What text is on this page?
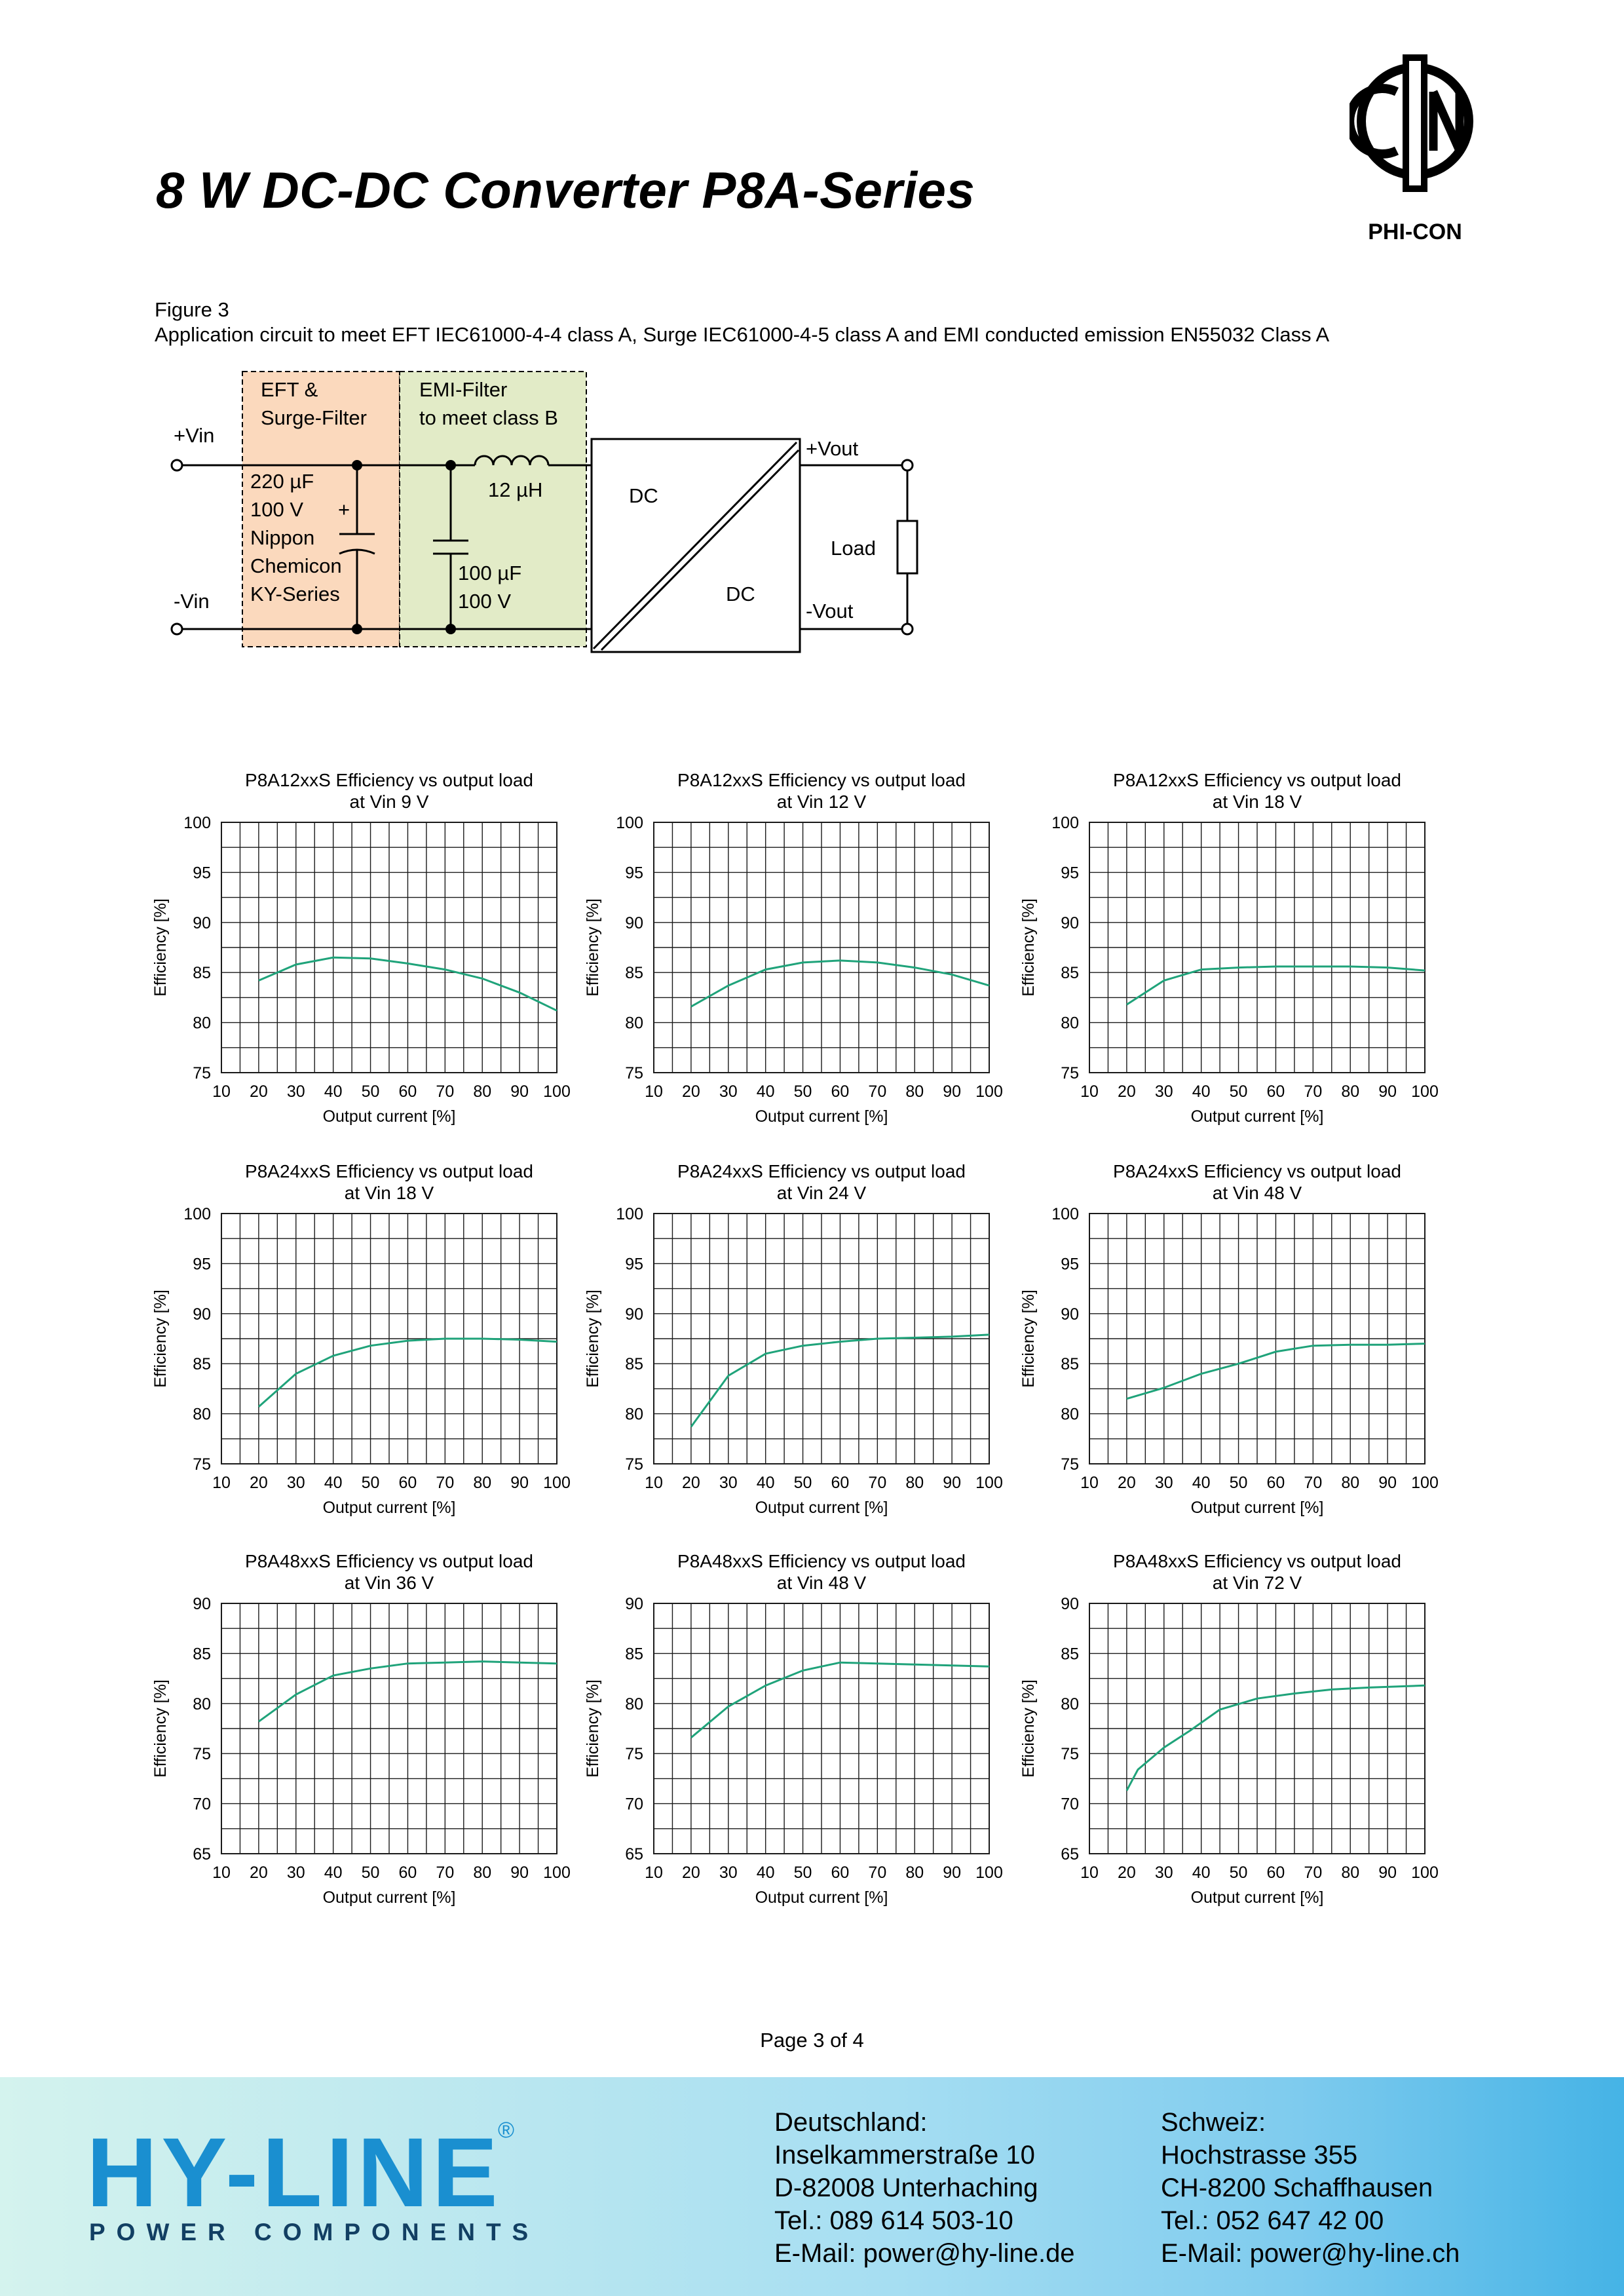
8 W DC-DC Converter P8A-Series
PHI-CON
Figure 3
Application circuit to meet EFT IEC61000-4-4 class A, Surge IEC61000-4-5 class A and EMI conducted emission EN55032 Class A
EFT &
Surge-Filter
EMI-Filter
to meet class B
+Vin
-Vin
220 µF
100 V
Nippon
Chemicon
KY-Series
+
12 µH
100 µF
100 V
DC
DC
+Vout
-Vout
Load
P8A12xxS Efficiency vs output load
at Vin 9 V
10 20 30 40 50 60 70 80 90 100
75
80
85
90
95
100
Output current [%]
Efficiency [%]
P8A12xxS Efficiency vs output load
at Vin 12 V
10 20 30 40 50 60 70 80 90 100
75
80
85
90
95
100
Output current [%]
Efficiency [%]
P8A12xxS Efficiency vs output load
at Vin 18 V
10 20 30 40 50 60 70 80 90 100
75
80
85
90
95
100
Output current [%]
Efficiency [%]
P8A24xxS Efficiency vs output load
at Vin 18 V
10 20 30 40 50 60 70 80 90 100
75
80
85
90
95
100
Output current [%]
Efficiency [%]
P8A24xxS Efficiency vs output load
at Vin 24 V
10 20 30 40 50 60 70 80 90 100
75
80
85
90
95
100
Output current [%]
Efficiency [%]
P8A24xxS Efficiency vs output load
at Vin 48 V
10 20 30 40 50 60 70 80 90 100
75
80
85
90
95
100
Output current [%]
Efficiency [%]
P8A48xxS Efficiency vs output load
at Vin 36 V
10 20 30 40 50 60 70 80 90 100
65
70
75
80
85
90
Output current [%]
Efficiency [%]
P8A48xxS Efficiency vs output load
at Vin 48 V
10 20 30 40 50 60 70 80 90 100
65
70
75
80
85
90
Output current [%]
Efficiency [%]
P8A48xxS Efficiency vs output load
at Vin 72 V
10 20 30 40 50 60 70 80 90 100
65
70
75
80
85
90
Output current [%]
Efficiency [%]
Page 3 of 4
HY-LINE
®
POWER COMPONENTS
Deutschland:
Inselkammerstraße 10
D-82008 Unterhaching
Tel.: 089 614 503-10
E-Mail: power@hy-line.de
Schweiz:
Hochstrasse 355
CH-8200 Schaffhausen
Tel.: 052 647 42 00
E-Mail: power@hy-line.ch
